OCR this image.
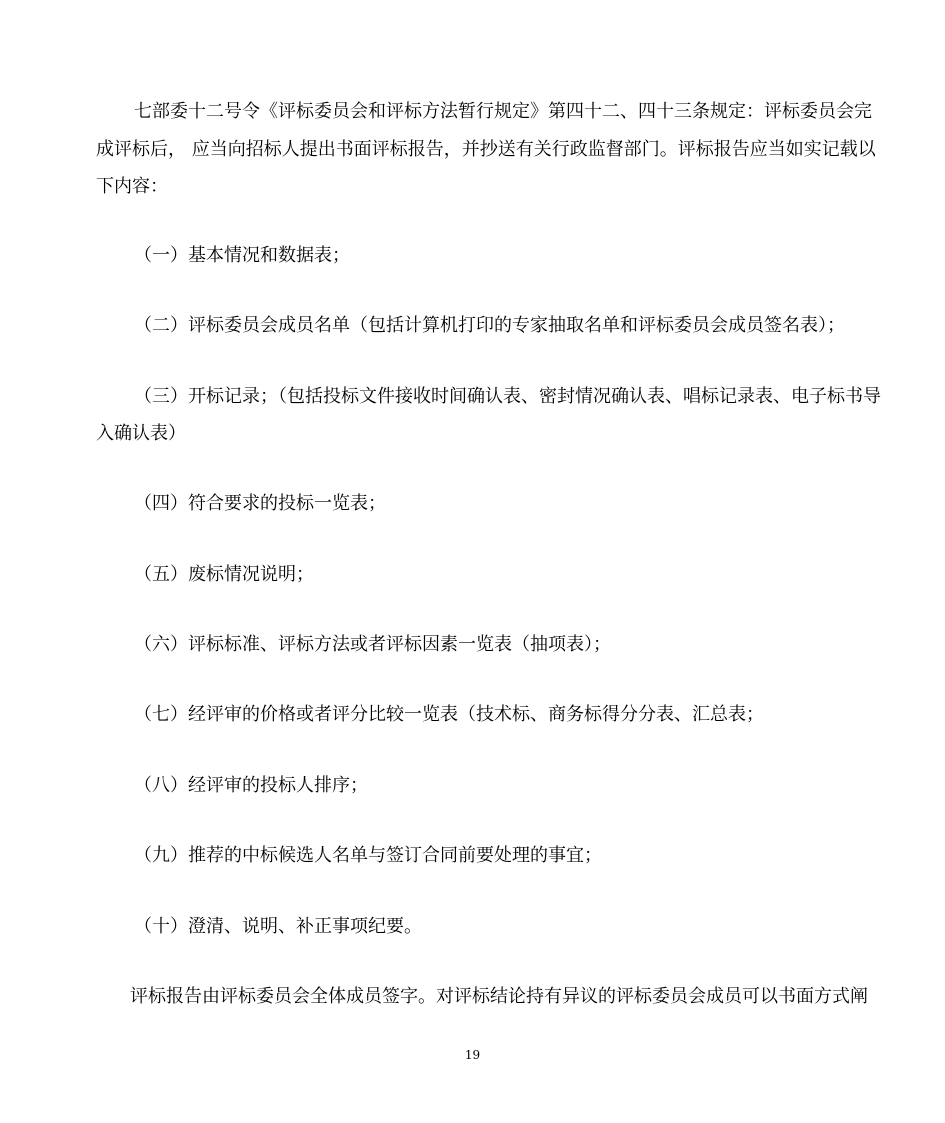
七部委十二号令《评标委员会和评标方法暂行规定》第四十二、四十三条规定：评标委员会完
成评标后， 应当向招标人提出书面评标报告，并抄送有关行政监督部门。评标报告应当如实记载以
下内容：
（一）基本情况和数据表；
（二）评标委员会成员名单（包括计算机打印的专家抽取名单和评标委员会成员签名表）；
（三）开标记录；（包括投标文件接收时间确认表、密封情况确认表、唱标记录表、电子标书导
入确认表）
（四）符合要求的投标一览表；
（五）废标情况说明；
（六）评标标准、评标方法或者评标因素一览表（抽项表）；
（七）经评审的价格或者评分比较一览表（技术标、商务标得分分表、汇总表；
（八）经评审的投标人排序；
（九）推荐的中标候选人名单与签订合同前要处理的事宜；
（十）澄清、说明、补正事项纪要。
评标报告由评标委员会全体成员签字。对评标结论持有异议的评标委员会成员可以书面方式阐
19
